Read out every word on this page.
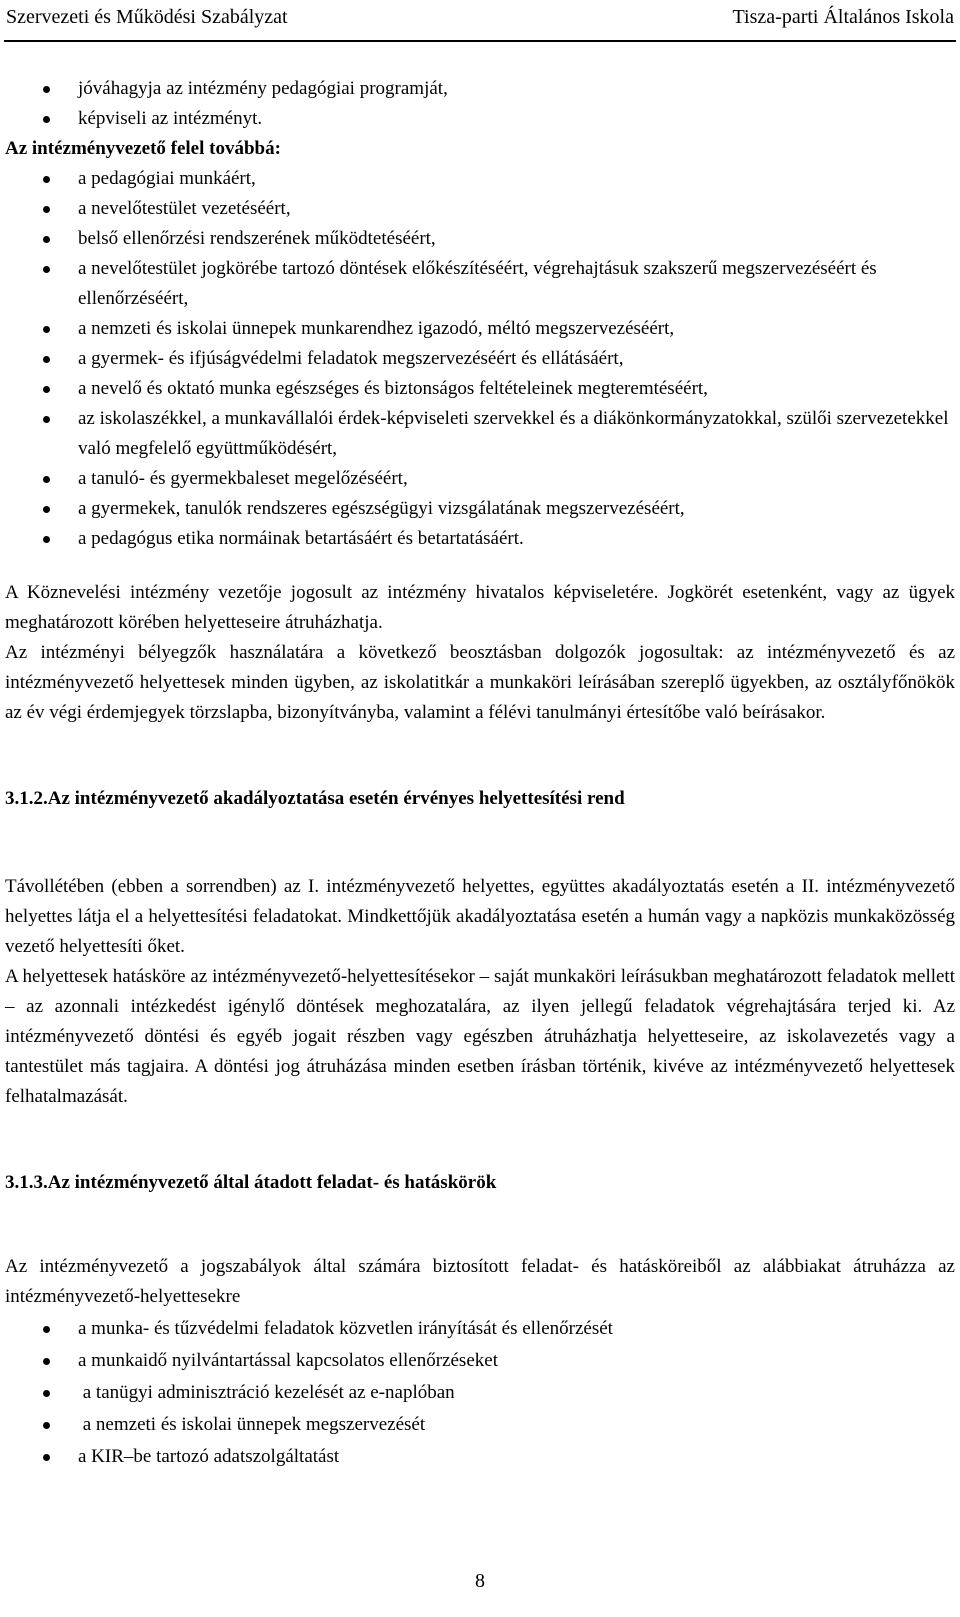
Szervezeti és Működési Szabályzat	Tisza-parti Általános Iskola
jóváhagyja az intézmény pedagógiai programját,
képviseli az intézményt.

Az intézményvezető felel továbbá:

a pedagógiai munkáért,
a nevelőtestület vezetéséért,
belső ellenőrzési rendszerének működtetéséért,
a nevelőtestület jogkörébe tartozó döntések előkészítéséért, végrehajtásuk szakszerű megszervezéséért és ellenőrzéséért,
a nemzeti és iskolai ünnepek munkarendhez igazodó, méltó megszervezéséért,
a gyermek- és ifjúságvédelmi feladatok megszervezéséért és ellátásáért,
a nevelő és oktató munka egészséges és biztonságos feltételeinek megteremtéséért,
az iskolaszékkel, a munkavállalói érdek-képviseleti szervekkel és a diákönkormányzatokkal, szülői szervezetekkel való megfelelő együttműködésért,
a tanuló- és gyermekbaleset megelőzéséért,
a gyermekek, tanulók rendszeres egészségügyi vizsgálatának megszervezéséért,
a pedagógus etika normáinak betartásáért és betartatásáért.

A Köznevelési intézmény vezetője jogosult az intézmény hivatalos képviseletére. Jogkörét esetenként, vagy az ügyek meghatározott körében helyetteseire átruházhatja.

Az intézményi bélyegzők használatára a következő beosztásban dolgozók jogosultak: az intézményvezető és az intézményvezető helyettesek minden ügyben, az iskolatitkár a munkaköri leírásában szereplő ügyekben, az osztályfőnökök az év végi érdemjegyek törzslapba, bizonyítványba, valamint a félévi tanulmányi értesítőbe való beírásakor.

3.1.2.Az intézményvezető akadályoztatása esetén érvényes helyettesítési rend

Távollétében (ebben a sorrendben) az I. intézményvezető helyettes, együttes akadályoztatás esetén a II. intézményvezető helyettes látja el a helyettesítési feladatokat. Mindkettőjük akadályoztatása esetén a humán vagy a napközis munkaközösség vezető helyettesíti őket.

A helyettesek hatásköre az intézményvezető-helyettesítésekor – saját munkaköri leírásukban meghatározott feladatok mellett – az azonnali intézkedést igénylő döntések meghozatalára, az ilyen jellegű feladatok végrehajtására terjed ki. Az intézményvezető döntési és egyéb jogait részben vagy egészben átruházhatja helyetteseire, az iskolavezetés vagy a tantestület más tagjaira. A döntési jog átruházása minden esetben írásban történik, kivéve az intézményvezető helyettesek felhatalmazását.

3.1.3.Az intézményvezető által átadott feladat- és hatáskörök

Az intézményvezető a jogszabályok által számára biztosított feladat- és hatásköreiből az alábbiakat átruházza az intézményvezető-helyettesekre

a munka- és tűzvédelmi feladatok közvetlen irányítását és ellenőrzését
a munkaidő nyilvántartással kapcsolatos ellenőrzéseket
a tanügyi adminisztráció kezelését az e-naplóban
a nemzeti és iskolai ünnepek megszervezését
a KIR–be tartozó adatszolgáltatást
8
